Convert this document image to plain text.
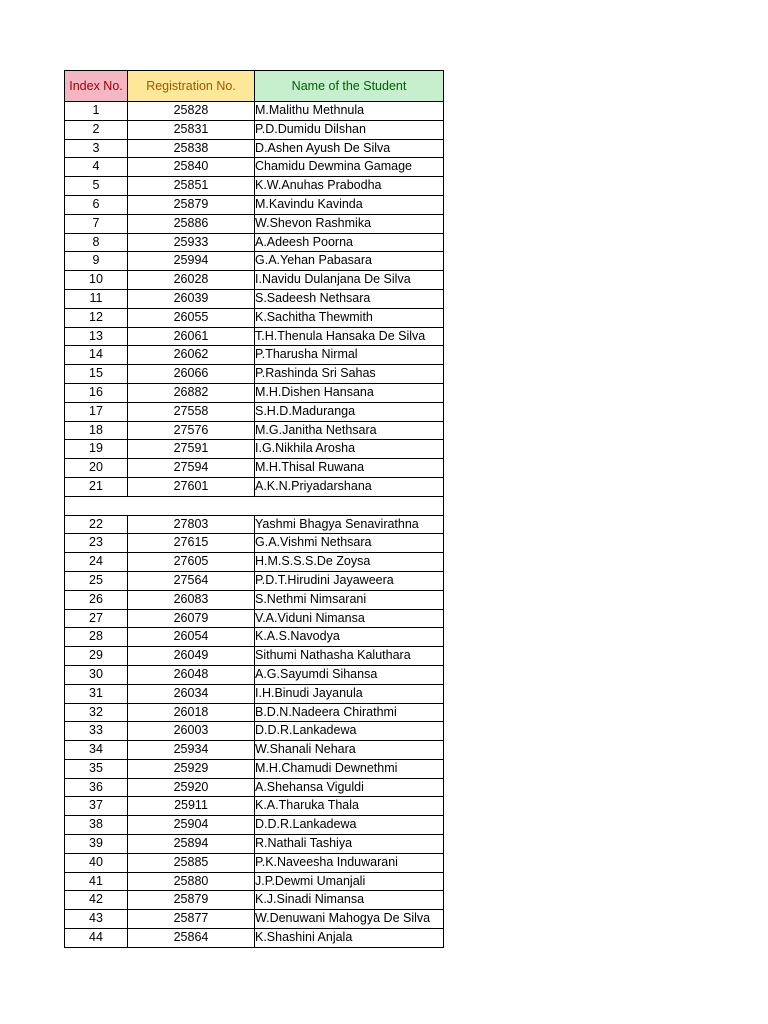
Index No.	Registration No.	Name of the Student
1	25828	M.Malithu Methnula
2	25831	P.D.Dumidu Dilshan
3	25838	D.Ashen Ayush De Silva
4	25840	Chamidu Dewmina Gamage
5	25851	K.W.Anuhas Prabodha
6	25879	M.Kavindu Kavinda
7	25886	W.Shevon Rashmika
8	25933	A.Adeesh Poorna
9	25994	G.A.Yehan Pabasara
10	26028	I.Navidu Dulanjana De Silva
11	26039	S.Sadeesh Nethsara
12	26055	K.Sachitha Thewmith
13	26061	T.H.Thenula Hansaka De Silva
14	26062	P.Tharusha Nirmal
15	26066	P.Rashinda Sri Sahas
16	26882	M.H.Dishen Hansana
17	27558	S.H.D.Maduranga
18	27576	M.G.Janitha Nethsara
19	27591	I.G.Nikhila Arosha
20	27594	M.H.Thisal Ruwana
21	27601	A.K.N.Priyadarshana

22	27803	Yashmi Bhagya Senavirathna
23	27615	G.A.Vishmi Nethsara
24	27605	H.M.S.S.S.De Zoysa
25	27564	P.D.T.Hirudini Jayaweera
26	26083	S.Nethmi Nimsarani
27	26079	V.A.Viduni Nimansa
28	26054	K.A.S.Navodya
29	26049	Sithumi Nathasha Kaluthara
30	26048	A.G.Sayumdi Sihansa
31	26034	I.H.Binudi Jayanula
32	26018	B.D.N.Nadeera Chirathmi
33	26003	D.D.R.Lankadewa
34	25934	W.Shanali Nehara
35	25929	M.H.Chamudi Dewnethmi
36	25920	A.Shehansa Viguldi
37	25911	K.A.Tharuka Thala
38	25904	D.D.R.Lankadewa
39	25894	R.Nathali Tashiya
40	25885	P.K.Naveesha Induwarani
41	25880	J.P.Dewmi Umanjali
42	25879	K.J.Sinadi Nimansa
43	25877	W.Denuwani Mahogya De Silva
44	25864	K.Shashini Anjala
